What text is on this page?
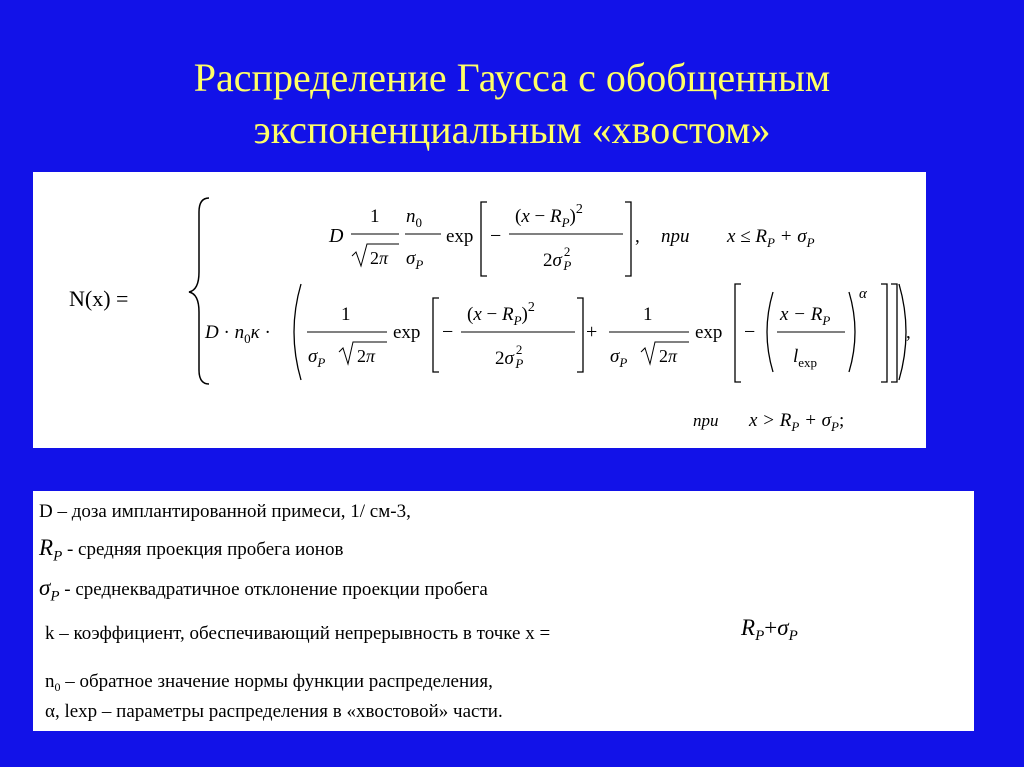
Распределение Гаусса с обобщенным
экспоненциальным «хвостом»
N(x) =
D
1
2π
$n_0$
$\sigma_P$
exp −
$(x - R_P)^2$
2σ $^2$ P
, при $x \le R_P + \sigma_P$
$D \cdot n_0\kappa$ ·
1
$\sigma_P$ 2π
exp −
$(x - R_P)^2$
2σ $^2$ P
+
1
$\sigma_P$ 2π
exp −
$x - R_P$
$l_{exp}$
α
,
при $x > R_P + \sigma_P$;
D – доза имплантированной примеси, 1/ см-3,
$R_P$ - средняя проекция пробега ионов
$\sigma_P$ - среднеквадратичное отклонение проекции пробега
k – коэффициент, обеспечивающий непрерывность в точке x =	$R_P+\sigma_P$
$n_0$ – обратное значение нормы функции распределения,
α, lexp – параметры распределения в «хвостовой» части.
